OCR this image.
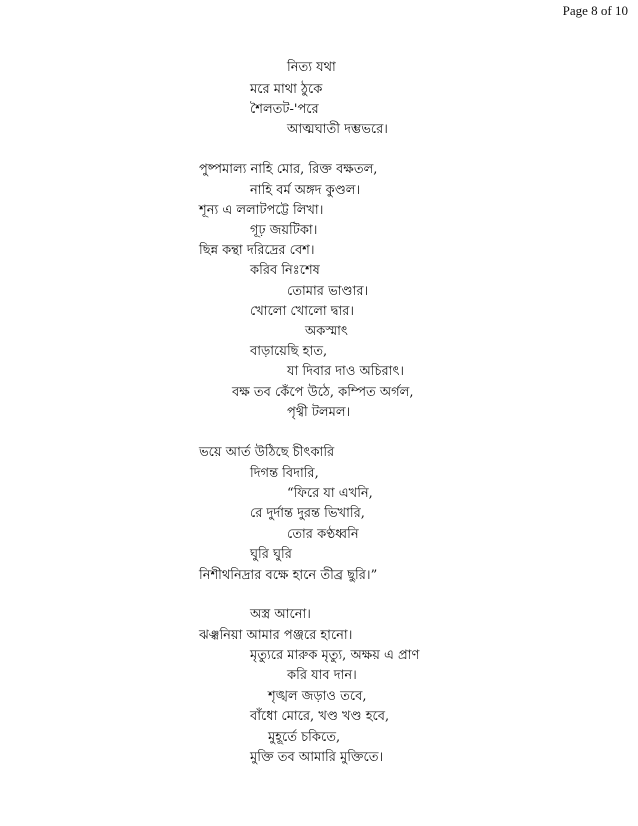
Page 8 of 10
নিত্য যথা
মরে মাথা ঠুকে
শৈলতট-'পরে
আত্মঘাতী দম্ভভরে।
পুষ্পমাল্য নাহি মোর, রিক্ত বক্ষতল,
নাহি বর্ম অঙ্গদ কুণ্ডল।
শূন্য এ ললাটপট্টে লিখা।
গূঢ় জয়টিকা।
ছিন্ন কন্থা দরিদ্রের বেশ।
করিব নিঃশেষ
তোমার ভাণ্ডার।
খোলো খোলো দ্বার।
অকস্মাৎ
বাড়ায়েছি হাত,
যা দিবার দাও অচিরাৎ।
বক্ষ তব কেঁপে উঠে, কম্পিত অর্গল,
পৃথ্বী টলমল।
ভয়ে আর্ত উঠিছে চীৎকারি
দিগন্ত বিদারি,
“ফিরে যা এখনি,
রে দুর্দান্ত দুরন্ত ভিখারি,
তোর কণ্ঠধ্বনি
ঘুরি ঘুরি
নিশীথনিদ্রার বক্ষে হানে তীব্র ছুরি।”
অস্ত্র আনো।
ঝঞ্ঝনিয়া আমার পঞ্জরে হানো।
মৃত্যুরে মারুক মৃত্যু, অক্ষয় এ প্রাণ
করি যাব দান।
শৃঙ্খল জড়াও তবে,
বাঁধো মোরে, খণ্ড খণ্ড হবে,
মুহূর্তে চকিতে,
মুক্তি তব আমারি মুক্তিতে।
